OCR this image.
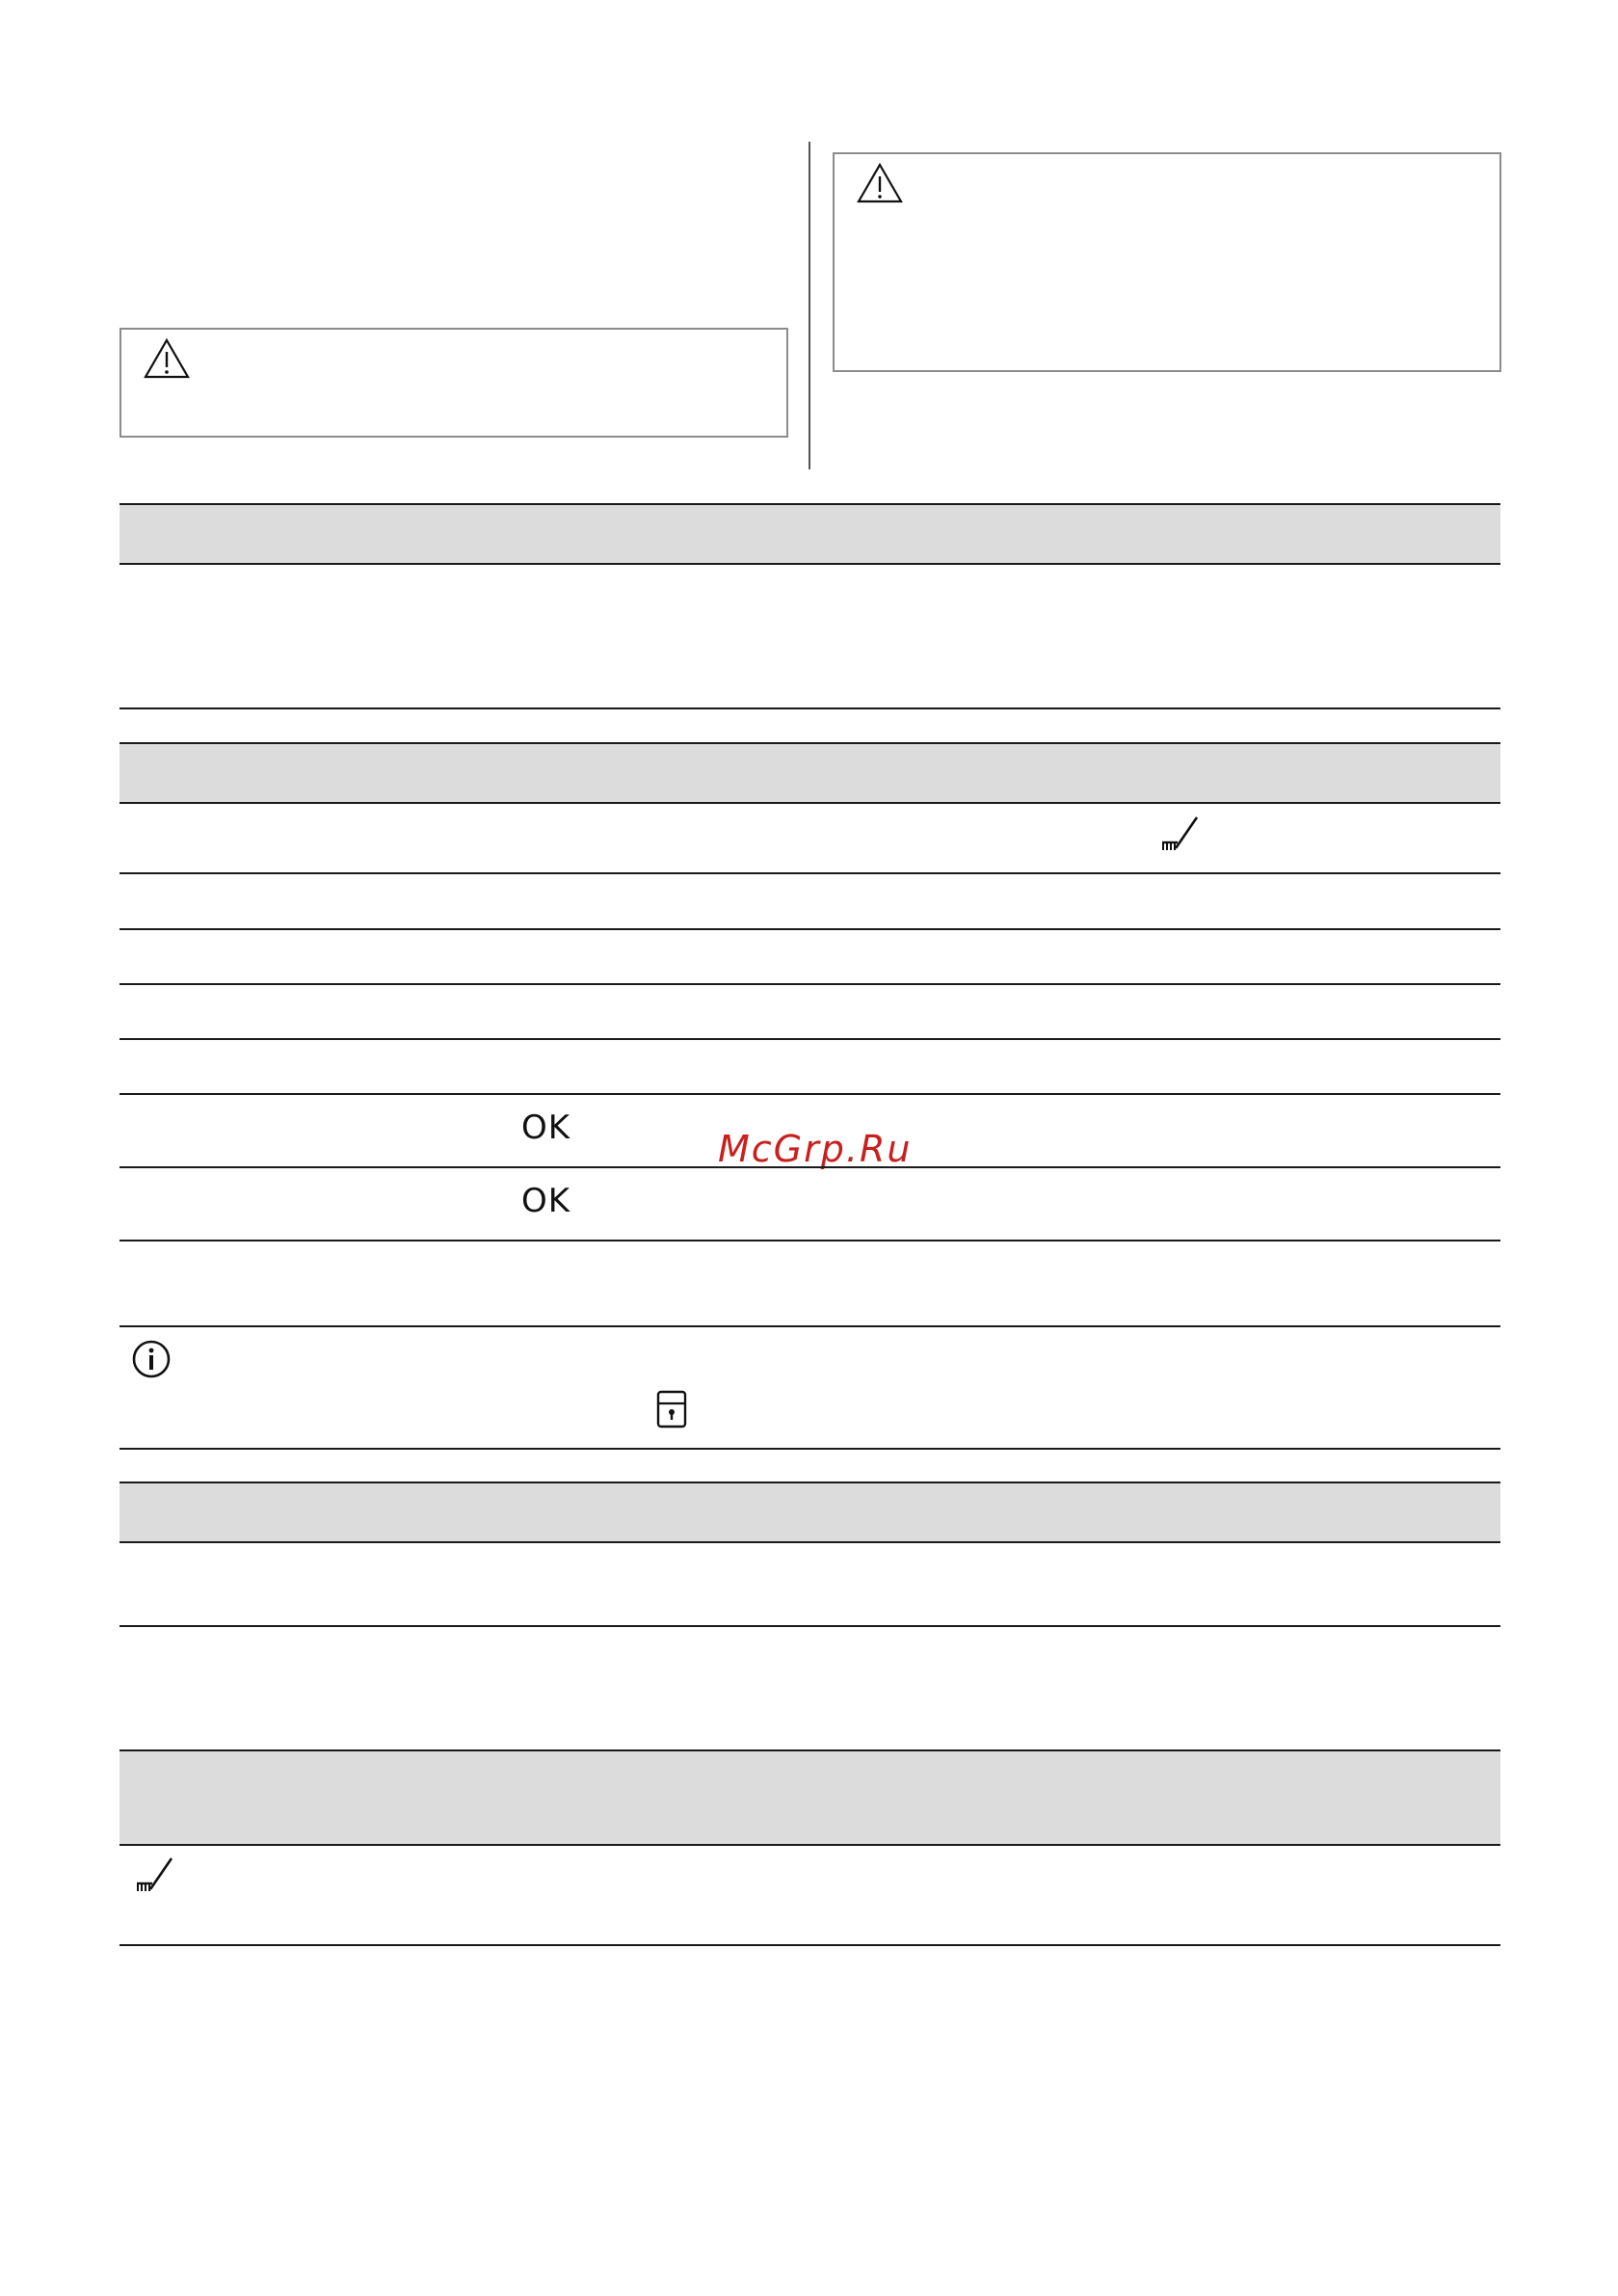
OK	McGrp.Ru
OK
